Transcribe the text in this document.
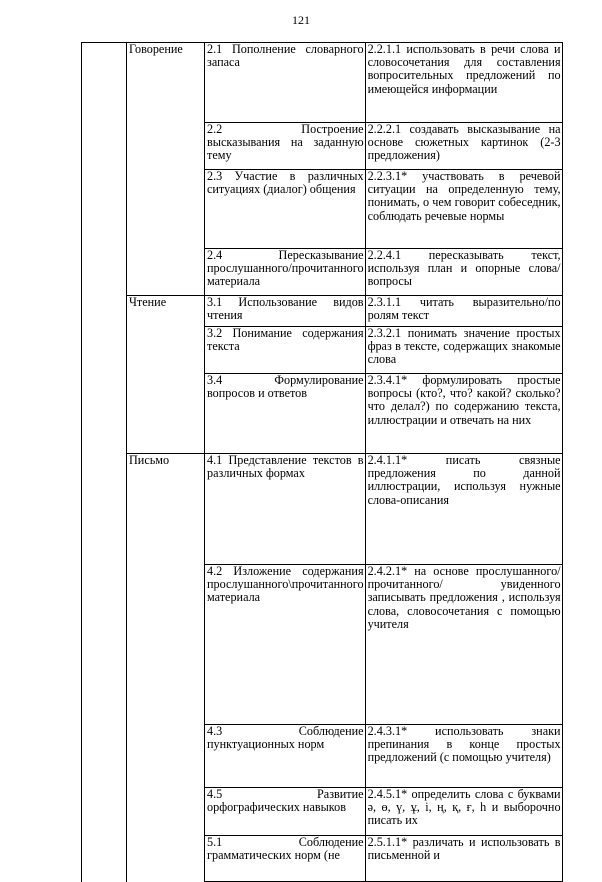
121
	Говорение	2.1 Пополнение словарного запаса	2.2.1.1 использовать в речи слова и словосочетания для составления вопросительных предложений по имеющейся информации
		2.2 Построение высказывания на заданную тему	2.2.2.1 создавать высказывание на основе сюжетных картинок (2-3 предложения)
		2.3 Участие в различных ситуациях (диалог) общения	2.2.3.1* участвовать в речевой ситуации на определенную тему, понимать, о чем говорит собеседник, соблюдать речевые нормы
		2.4 Пересказывание прослушанного/прочитанного материала	2.2.4.1 пересказывать текст, используя план и опорные слова/вопросы
	Чтение	3.1 Использование видов чтения	2.3.1.1 читать выразительно/по ролям текст
		3.2 Понимание содержания текста	2.3.2.1 понимать значение простых фраз в тексте, содержащих знакомые слова
		3.4 Формулирование вопросов и ответов	2.3.4.1* формулировать простые вопросы (кто?, что? какой? сколько? что делал?) по содержанию текста, иллюстрации и отвечать на них
	Письмо	4.1 Представление текстов в различных формах	2.4.1.1* писать связные предложения по данной иллюстрации, используя нужные слова-описания
		4.2 Изложение содержания прослушанного\прочитанного материала	2.4.2.1* на основе прослушанного/ прочитанного/ увиденного записывать предложения , используя слова, словосочетания с помощью учителя
		4.3 Соблюдение пунктуационных норм	2.4.3.1* использовать знаки препинания в конце простых предложений (с помощью учителя)
		4.5 Развитие орфографических навыков	2.4.5.1* определить слова с буквами ә, ө, ү, ұ, і, ң, қ, ғ, һ и выборочно писать их
		5.1 Соблюдение грамматических норм (не	2.5.1.1* различать и использовать в письменной и
